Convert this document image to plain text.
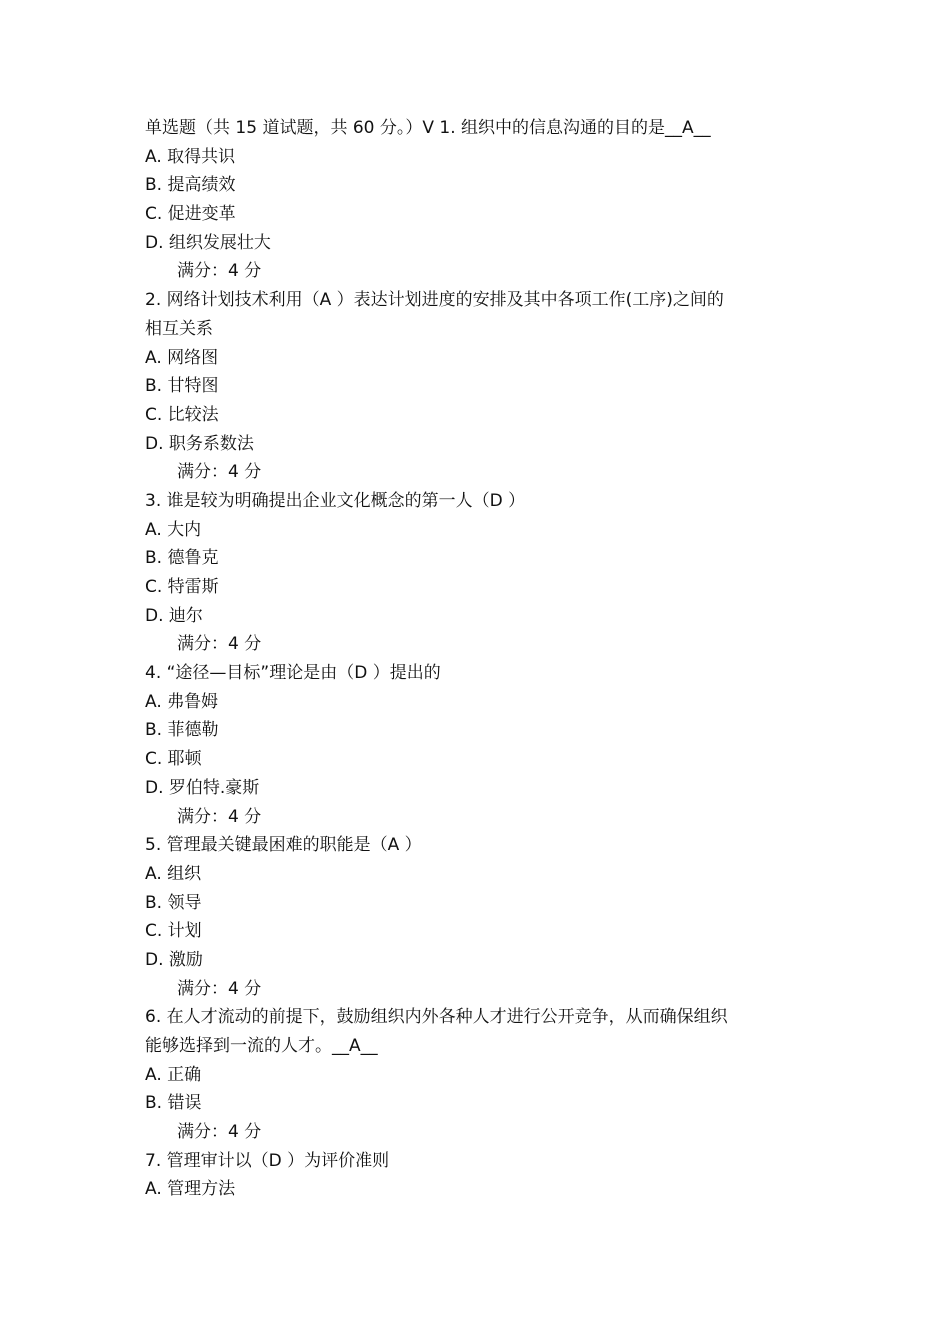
单选题（共 15 道试题，共 60 分。）V 1. 组织中的信息沟通的目的是__A__
A. 取得共识
B. 提高绩效
C. 促进变革
D. 组织发展壮大
满分：4 分
2. 网络计划技术利用（A ）表达计划进度的安排及其中各项工作(工序)之间的
相互关系
A. 网络图
B. 甘特图
C. 比较法
D. 职务系数法
满分：4 分
3. 谁是较为明确提出企业文化概念的第一人（D ）
A. 大内
B. 德鲁克
C. 特雷斯
D. 迪尔
满分：4 分
4. “途径—目标”理论是由（D ）提出的
A. 弗鲁姆
B. 菲德勒
C. 耶顿
D. 罗伯特.豪斯
满分：4 分
5. 管理最关键最困难的职能是（A ）
A. 组织
B. 领导
C. 计划
D. 激励
满分：4 分
6. 在人才流动的前提下，鼓励组织内外各种人才进行公开竞争，从而确保组织
能够选择到一流的人才。__A__
A. 正确
B. 错误
满分：4 分
7. 管理审计以（D ）为评价准则
A. 管理方法
